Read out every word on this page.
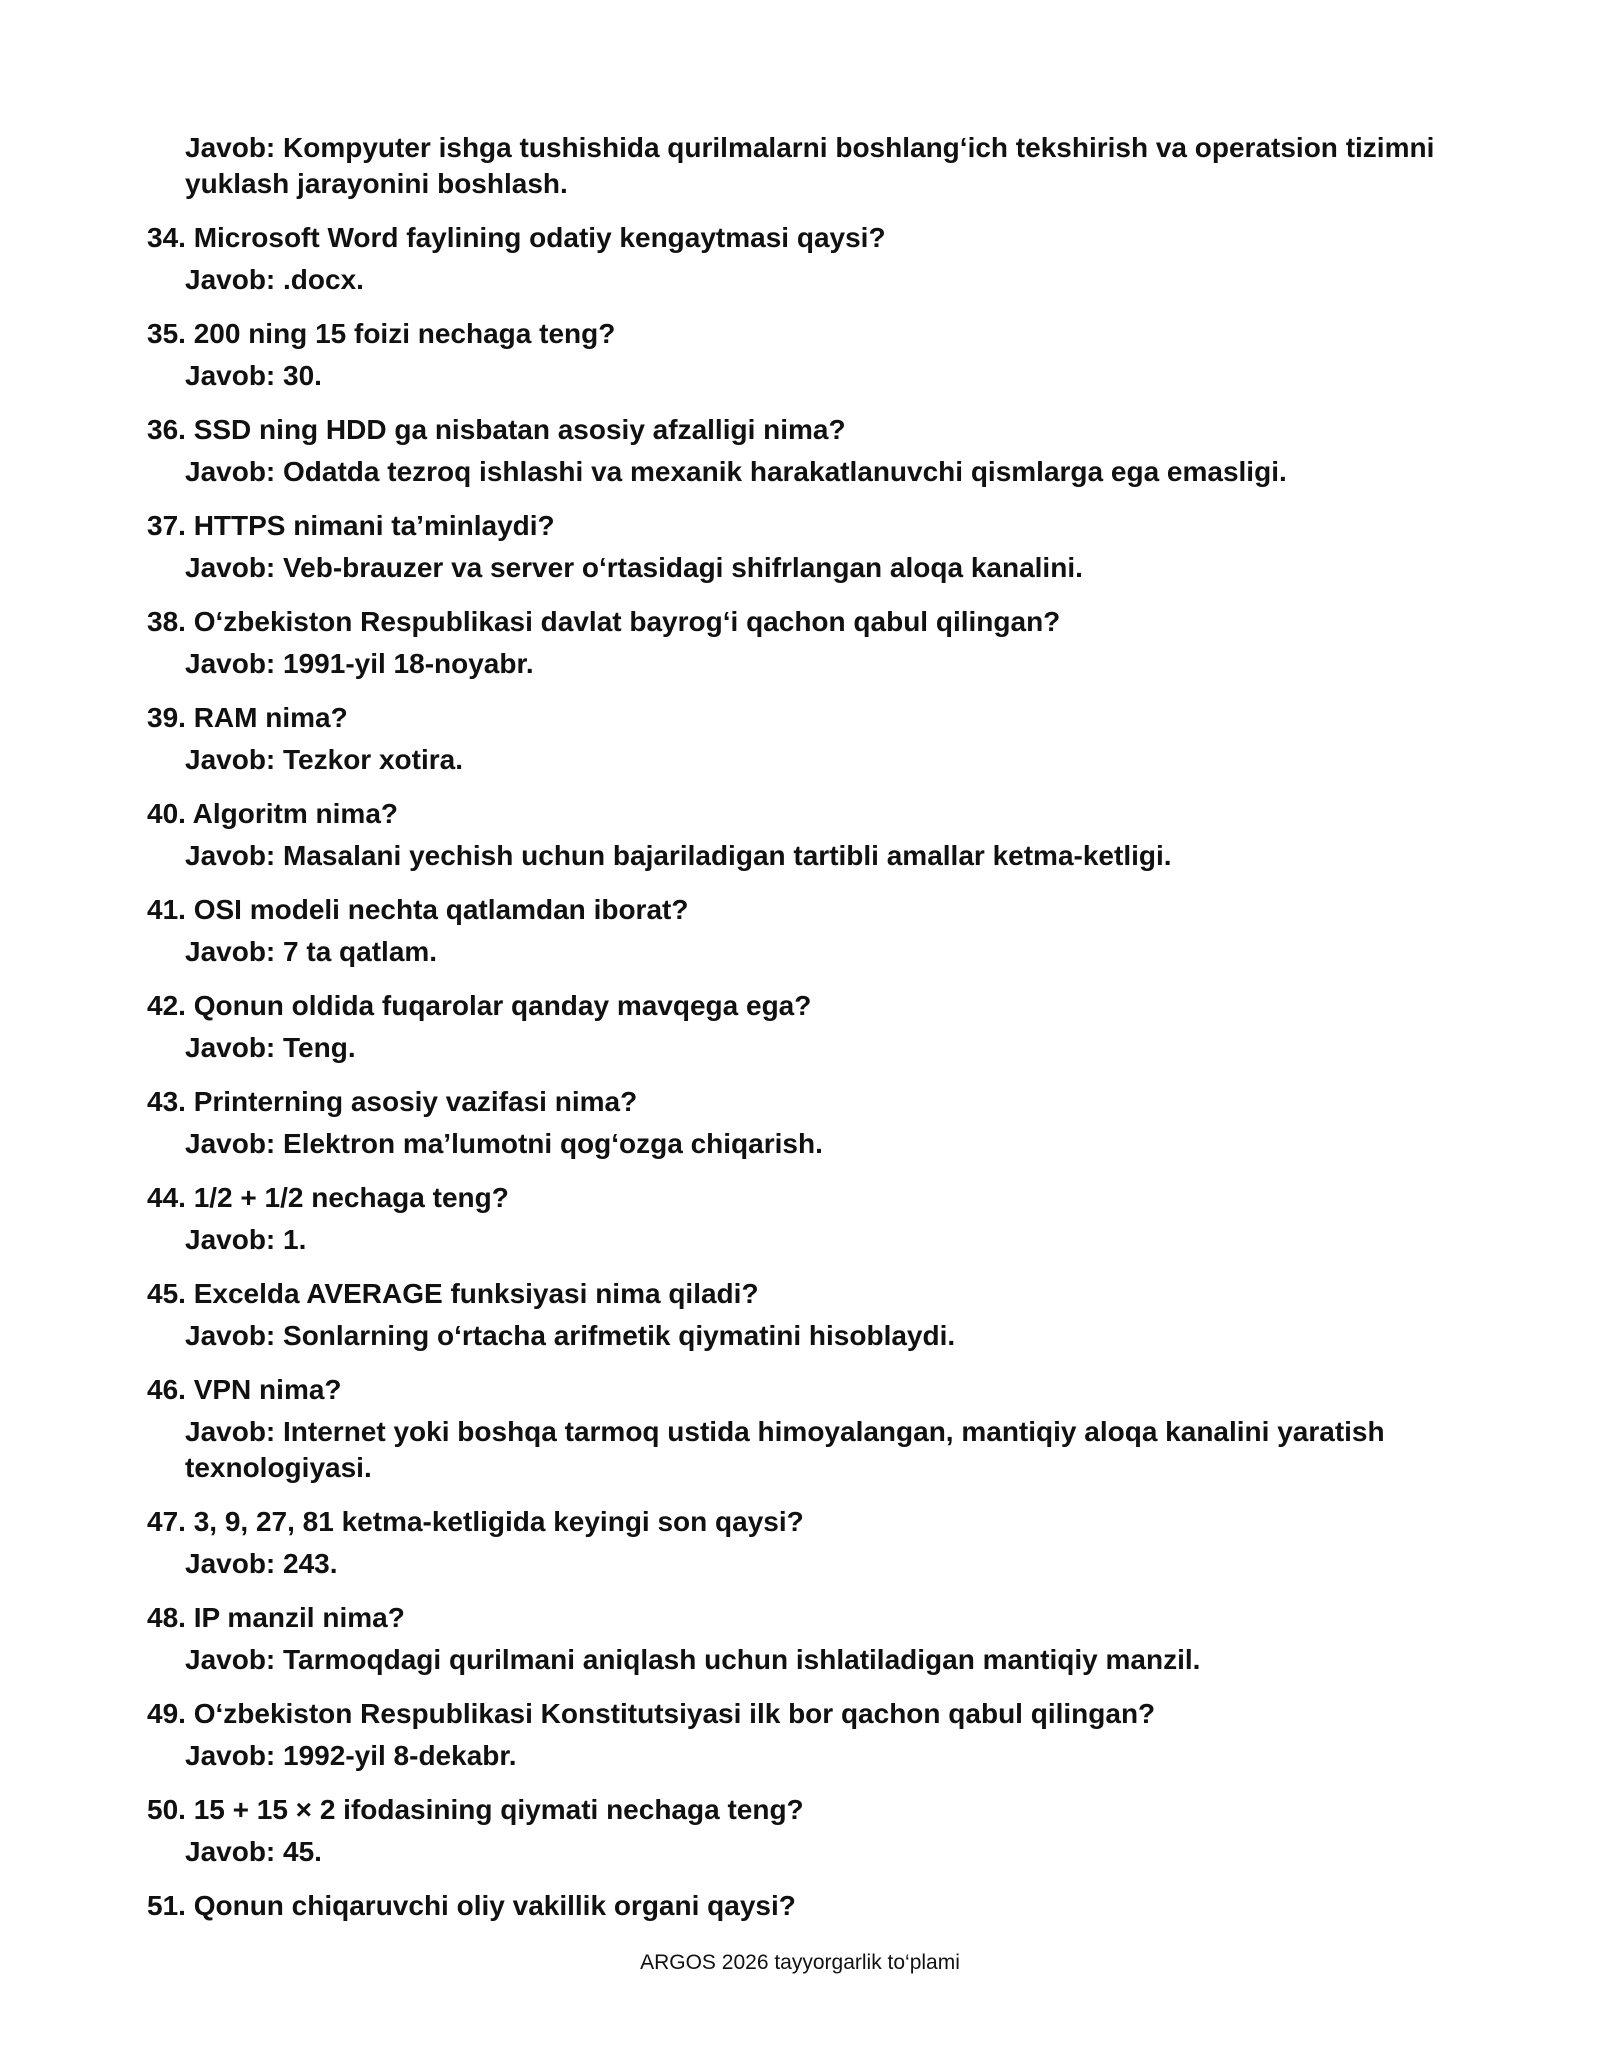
Javob: Kompyuter ishga tushishida qurilmalarni boshlang‘ich tekshirish va operatsion tizimni yuklash jarayonini boshlash.

34. Microsoft Word faylining odatiy kengaytmasi qaysi?

Javob: .docx.

35. 200 ning 15 foizi nechaga teng?

Javob: 30.

36. SSD ning HDD ga nisbatan asosiy afzalligi nima?

Javob: Odatda tezroq ishlashi va mexanik harakatlanuvchi qismlarga ega emasligi.

37. HTTPS nimani ta’minlaydi?

Javob: Veb-brauzer va server o‘rtasidagi shifrlangan aloqa kanalini.

38. O‘zbekiston Respublikasi davlat bayrog‘i qachon qabul qilingan?

Javob: 1991-yil 18-noyabr.

39. RAM nima?

Javob: Tezkor xotira.

40. Algoritm nima?

Javob: Masalani yechish uchun bajariladigan tartibli amallar ketma-ketligi.

41. OSI modeli nechta qatlamdan iborat?

Javob: 7 ta qatlam.

42. Qonun oldida fuqarolar qanday mavqega ega?

Javob: Teng.

43. Printerning asosiy vazifasi nima?

Javob: Elektron ma’lumotni qog‘ozga chiqarish.

44. 1/2 + 1/2 nechaga teng?

Javob: 1.

45. Excelda AVERAGE funksiyasi nima qiladi?

Javob: Sonlarning o‘rtacha arifmetik qiymatini hisoblaydi.

46. VPN nima?

Javob: Internet yoki boshqa tarmoq ustida himoyalangan, mantiqiy aloqa kanalini yaratish texnologiyasi.

47. 3, 9, 27, 81 ketma-ketligida keyingi son qaysi?

Javob: 243.

48. IP manzil nima?

Javob: Tarmoqdagi qurilmani aniqlash uchun ishlatiladigan mantiqiy manzil.

49. O‘zbekiston Respublikasi Konstitutsiyasi ilk bor qachon qabul qilingan?

Javob: 1992-yil 8-dekabr.

50. 15 + 15 × 2 ifodasining qiymati nechaga teng?

Javob: 45.

51. Qonun chiqaruvchi oliy vakillik organi qaysi?

ARGOS 2026 tayyorgarlik to‘plami
